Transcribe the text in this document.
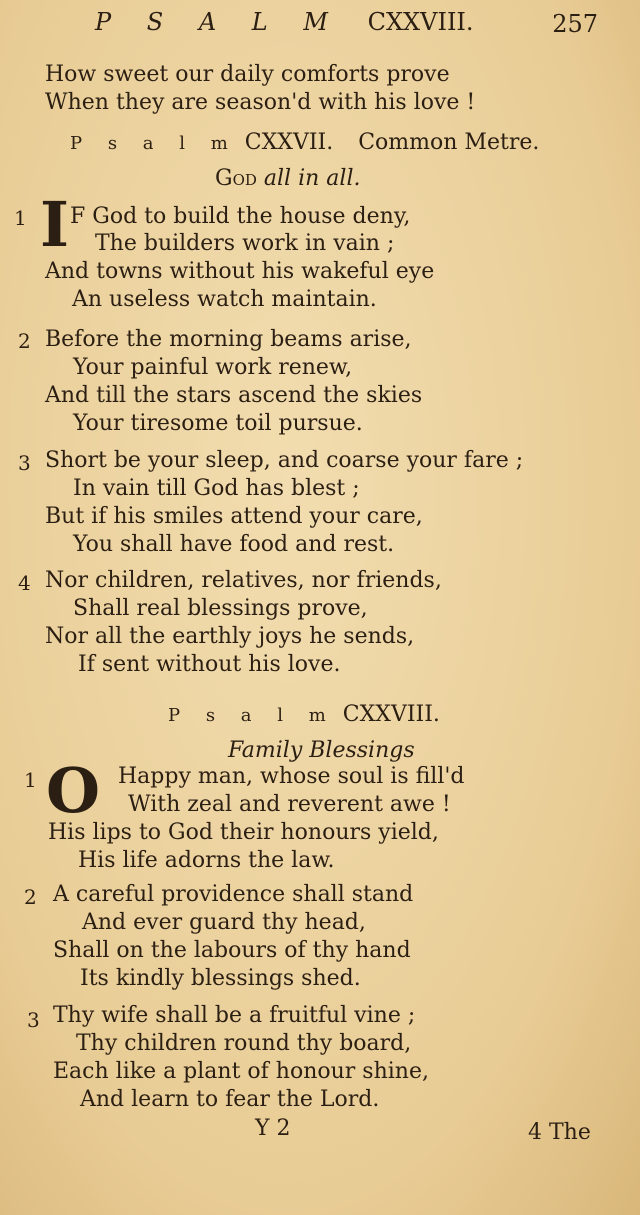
P S A L M CXXVIII.	257
How sweet our daily comforts prove
When they are season'd with his love !
P s a l m CXXVII. Common Metre.
God all in all.
1 I F God to build the house deny,
The builders work in vain ;
And towns without his wakeful eye
An useless watch maintain.
2 Before the morning beams arise,
Your painful work renew,
And till the stars ascend the skies
Your tiresome toil pursue.
3 Short be your sleep, and coarse your fare ;
In vain till God has blest ;
But if his smiles attend your care,
You shall have food and rest.
4 Nor children, relatives, nor friends,
Shall real blessings prove,
Nor all the earthly joys he sends,
If sent without his love.
P s a l m CXXVIII.
Family Blessings
1 O Happy man, whose soul is fill'd
With zeal and reverent awe !
His lips to God their honours yield,
His life adorns the law.
2 A careful providence shall stand
And ever guard thy head,
Shall on the labours of thy hand
Its kindly blessings shed.
3 Thy wife shall be a fruitful vine ;
Thy children round thy board,
Each like a plant of honour shine,
And learn to fear the Lord.
Y 2	4 The
